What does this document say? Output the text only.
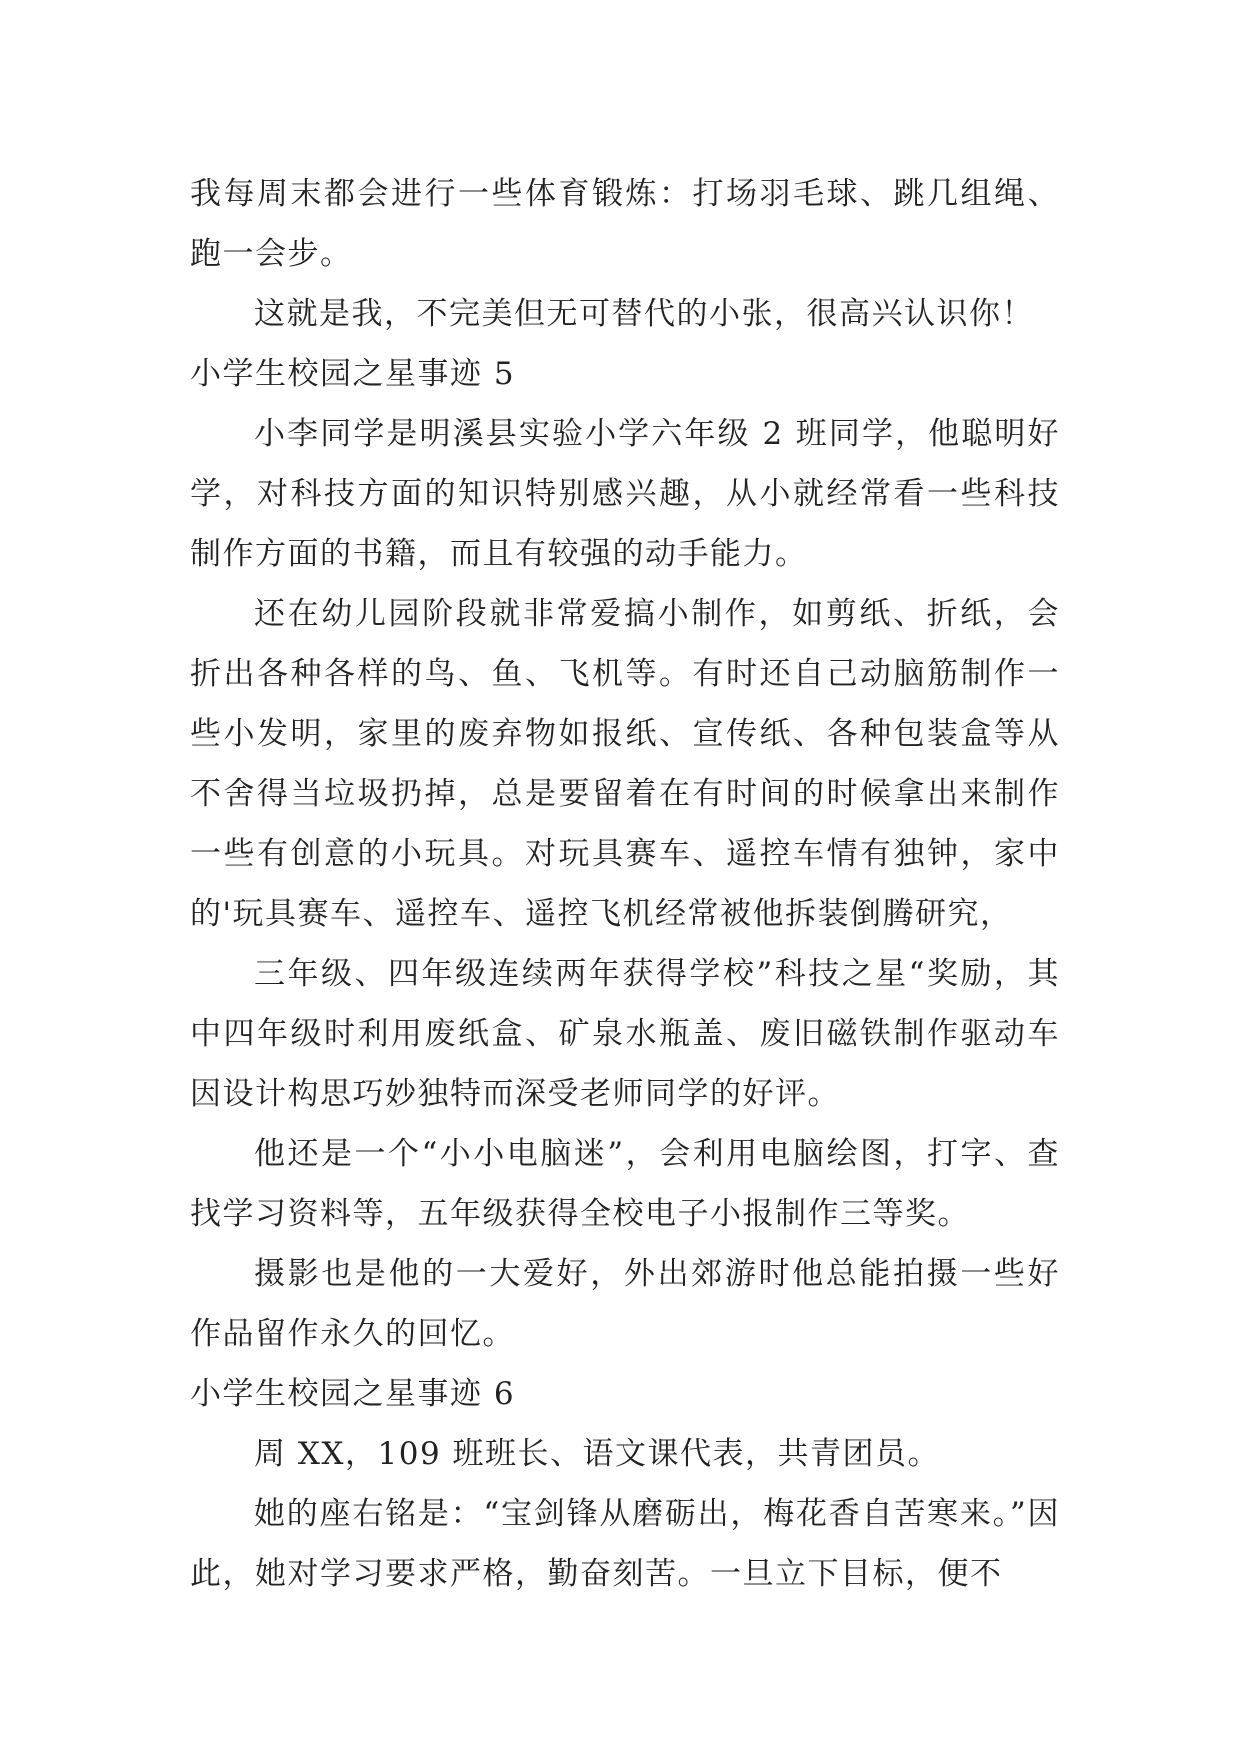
我每周末都会进行一些体育锻炼：打场羽毛球、跳几组绳、跑一会步。

这就是我，不完美但无可替代的小张，很高兴认识你！

小学生校园之星事迹 5

小李同学是明溪县实验小学六年级 2 班同学，他聪明好学，对科技方面的知识特别感兴趣，从小就经常看一些科技制作方面的书籍，而且有较强的动手能力。

还在幼儿园阶段就非常爱搞小制作，如剪纸、折纸，会折出各种各样的鸟、鱼、飞机等。有时还自己动脑筋制作一些小发明，家里的废弃物如报纸、宣传纸、各种包装盒等从不舍得当垃圾扔掉，总是要留着在有时间的时候拿出来制作一些有创意的小玩具。对玩具赛车、遥控车情有独钟，家中的'玩具赛车、遥控车、遥控飞机经常被他拆装倒腾研究，

三年级、四年级连续两年获得学校”科技之星“奖励，其中四年级时利用废纸盒、矿泉水瓶盖、废旧磁铁制作驱动车因设计构思巧妙独特而深受老师同学的好评。

他还是一个“小小电脑迷”，会利用电脑绘图，打字、查找学习资料等，五年级获得全校电子小报制作三等奖。

摄影也是他的一大爱好，外出郊游时他总能拍摄一些好作品留作永久的回忆。

小学生校园之星事迹 6

周 XX，109 班班长、语文课代表，共青团员。

她的座右铭是：“宝剑锋从磨砺出，梅花香自苦寒来。”因此，她对学习要求严格，勤奋刻苦。一旦立下目标，便不
